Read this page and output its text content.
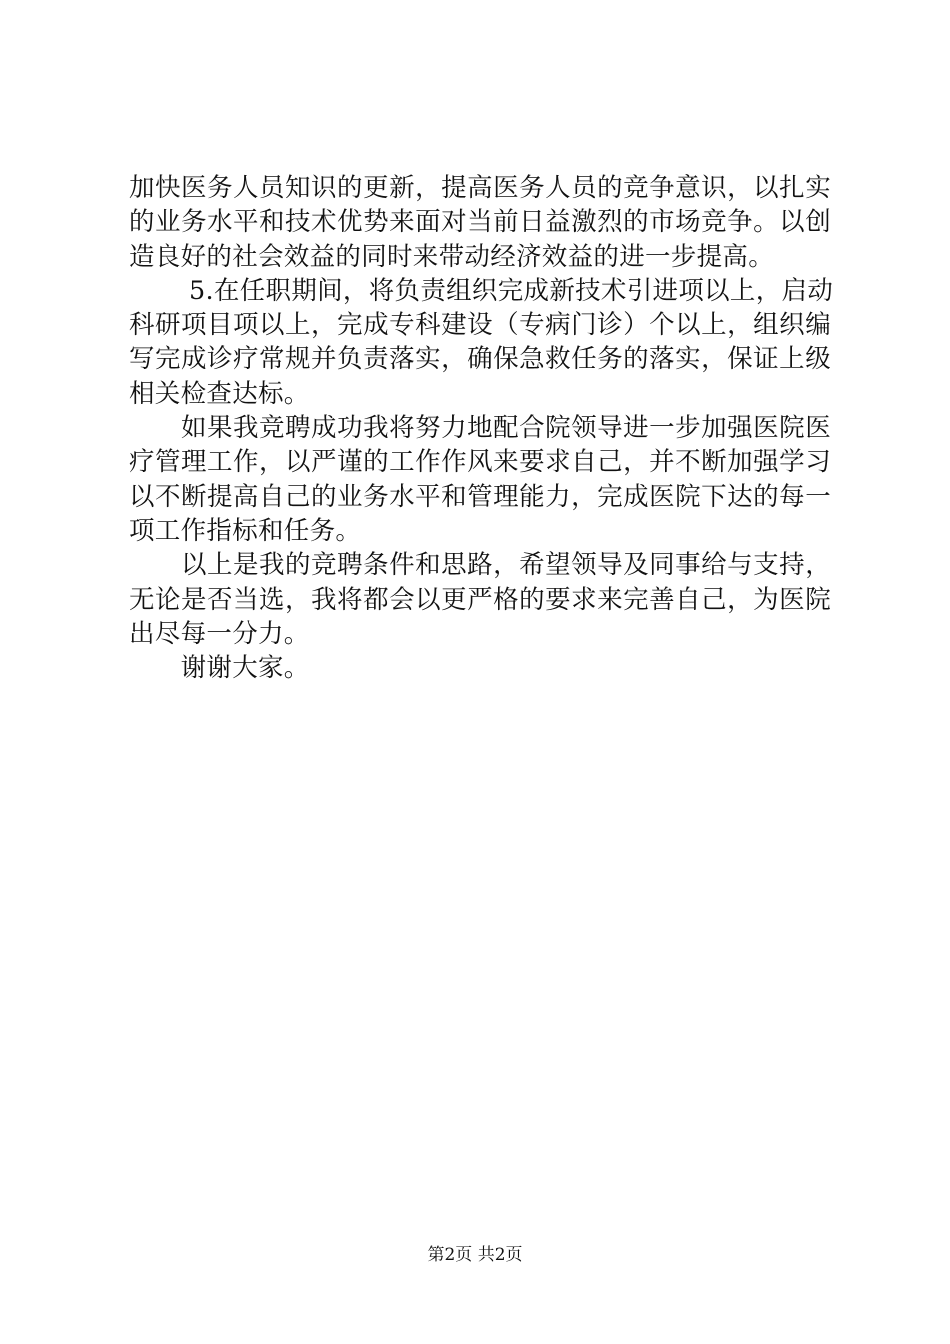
加快医务人员知识的更新，提高医务人员的竞争意识，以扎实
的业务水平和技术优势来面对当前日益激烈的市场竞争。以创
造良好的社会效益的同时来带动经济效益的进一步提高。
　　 5.在任职期间，将负责组织完成新技术引进项以上，启动
科研项目项以上，完成专科建设（专病门诊）个以上，组织编
写完成诊疗常规并负责落实，确保急救任务的落实，保证上级
相关检查达标。
　　如果我竞聘成功我将努力地配合院领导进一步加强医院医
疗管理工作，以严谨的工作作风来要求自己，并不断加强学习
以不断提高自己的业务水平和管理能力，完成医院下达的每一
项工作指标和任务。
　　以上是我的竞聘条件和思路，希望领导及同事给与支持，
无论是否当选，我将都会以更严格的要求来完善自己，为医院
出尽每一分力。
　　谢谢大家。
第2页 共2页
